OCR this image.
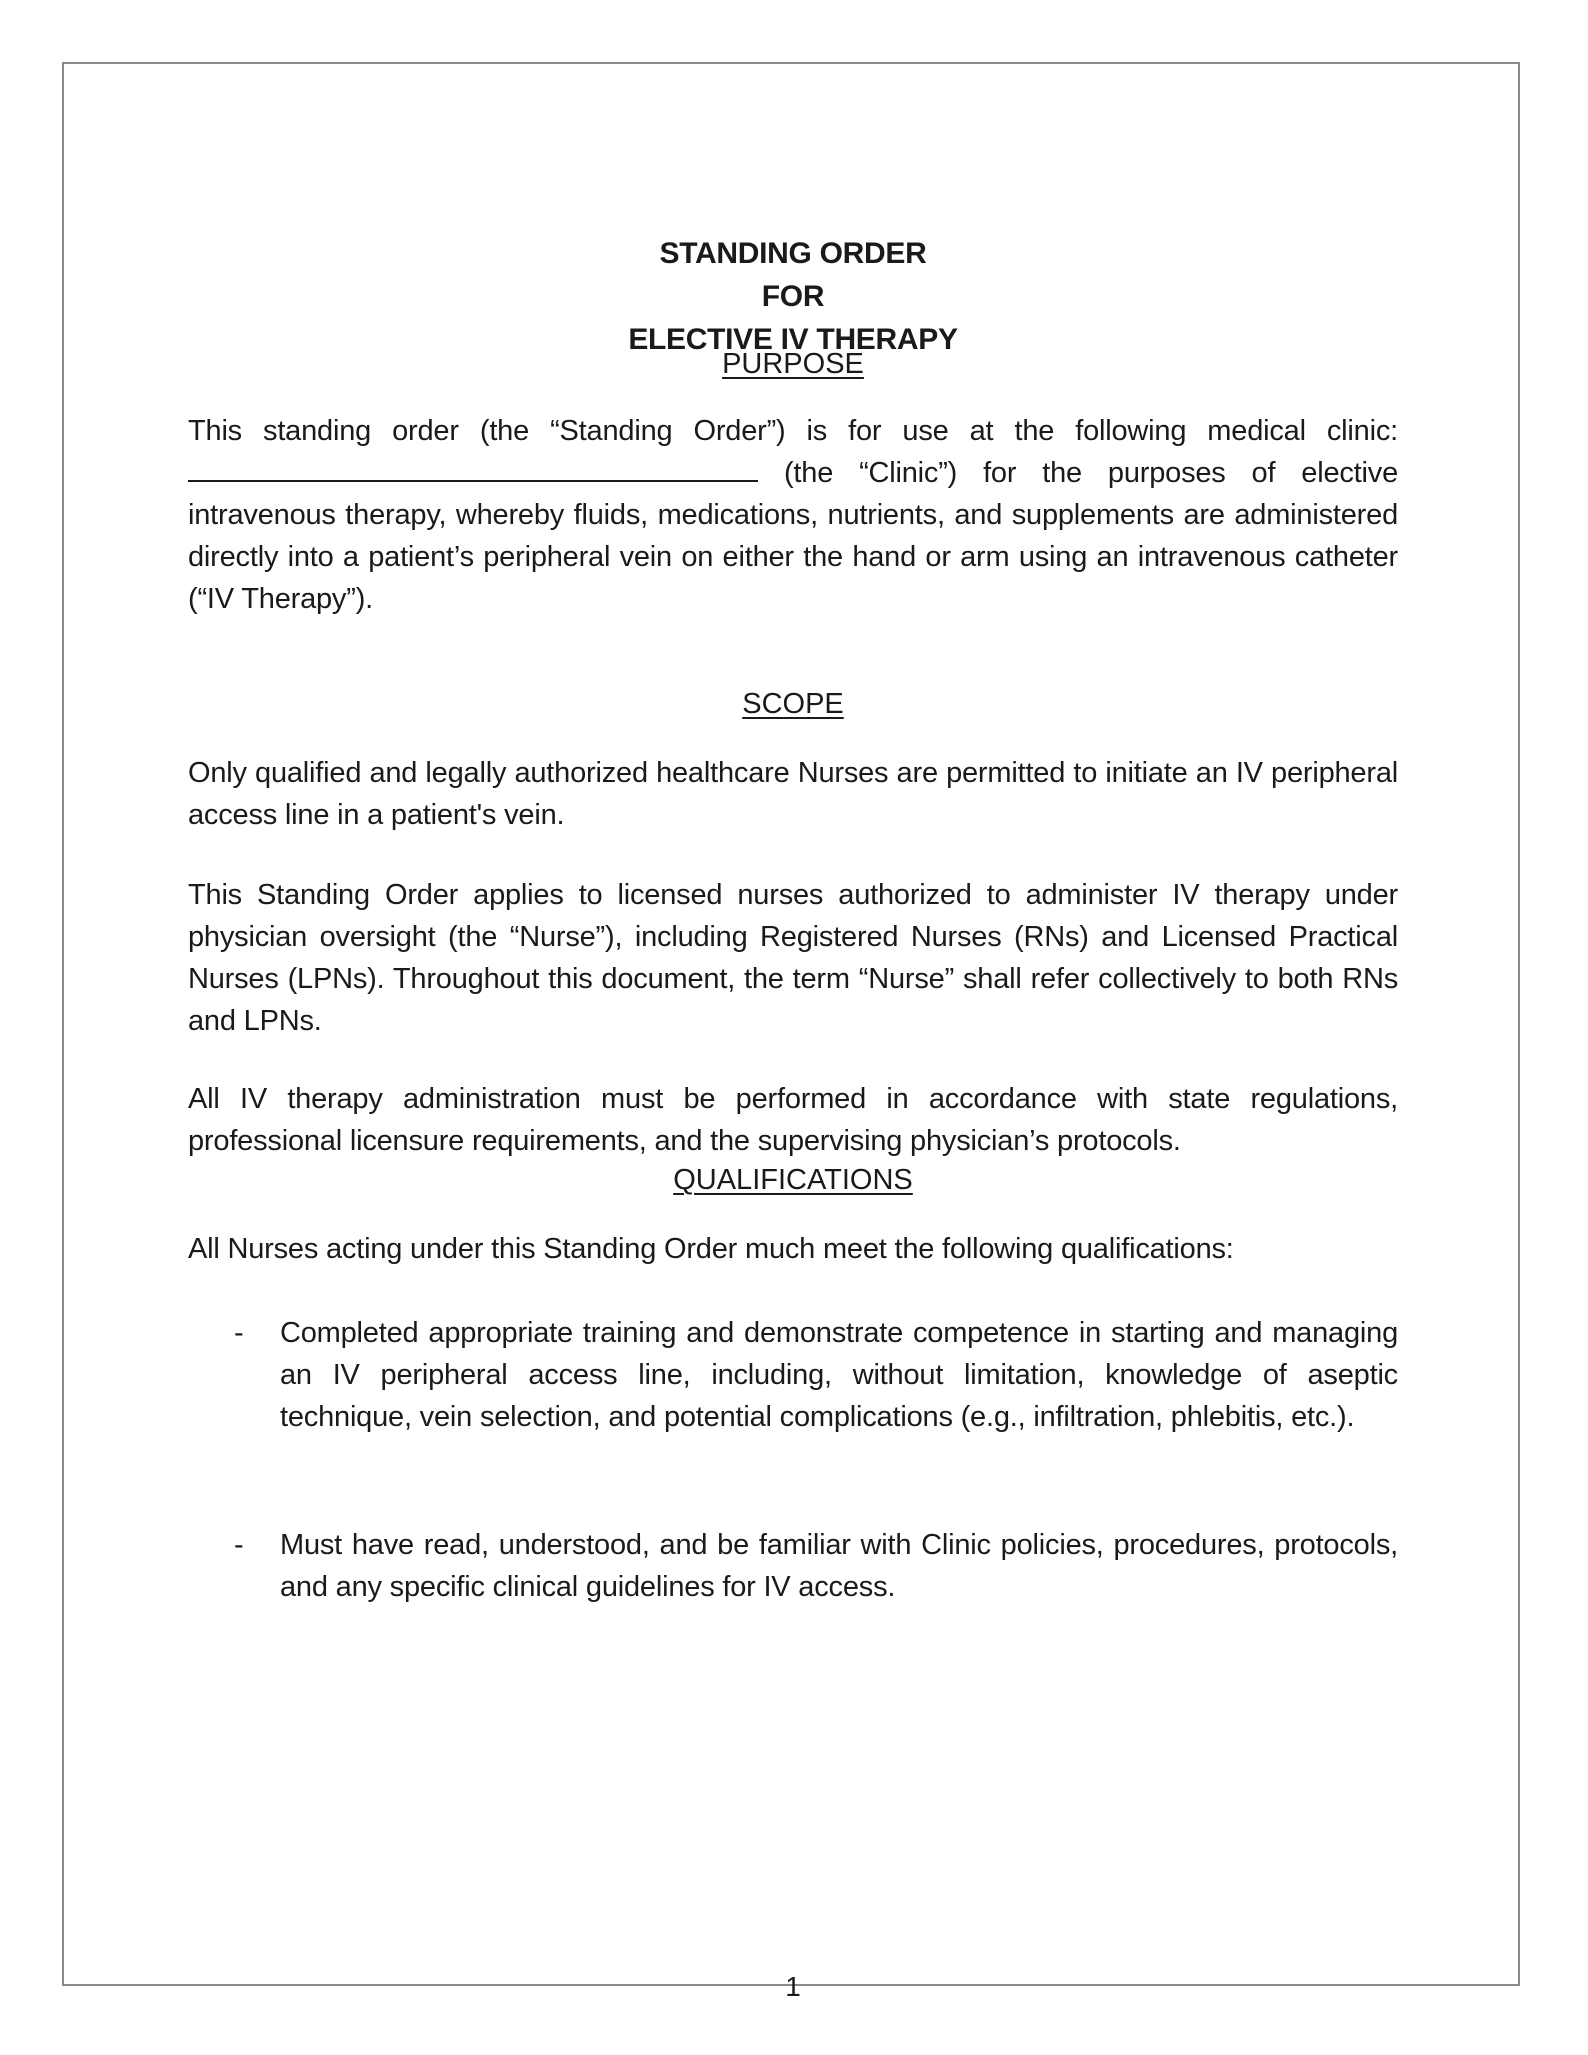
STANDING ORDER
FOR
ELECTIVE IV THERAPY
PURPOSE
This standing order (the “Standing Order”) is for use at the following medical clinic:  (the “Clinic”) for the purposes of elective intravenous therapy, whereby fluids, medications, nutrients, and supplements are administered directly into a patient’s peripheral vein on either the hand or arm using an intravenous catheter (“IV Therapy”).
SCOPE
Only qualified and legally authorized healthcare Nurses are permitted to initiate an IV peripheral access line in a patient's vein.
This Standing Order applies to licensed nurses authorized to administer IV therapy under physician oversight (the “Nurse”), including Registered Nurses (RNs) and Licensed Practical Nurses (LPNs). Throughout this document, the term “Nurse” shall refer collectively to both RNs and LPNs.
All IV therapy administration must be performed in accordance with state regulations, professional licensure requirements, and the supervising physician’s protocols.
QUALIFICATIONS
All Nurses acting under this Standing Order much meet the following qualifications:
- Completed appropriate training and demonstrate competence in starting and managing an IV peripheral access line, including, without limitation, knowledge of aseptic technique, vein selection, and potential complications (e.g., infiltration, phlebitis, etc.).
- Must have read, understood, and be familiar with Clinic policies, procedures, protocols, and any specific clinical guidelines for IV access.
1
